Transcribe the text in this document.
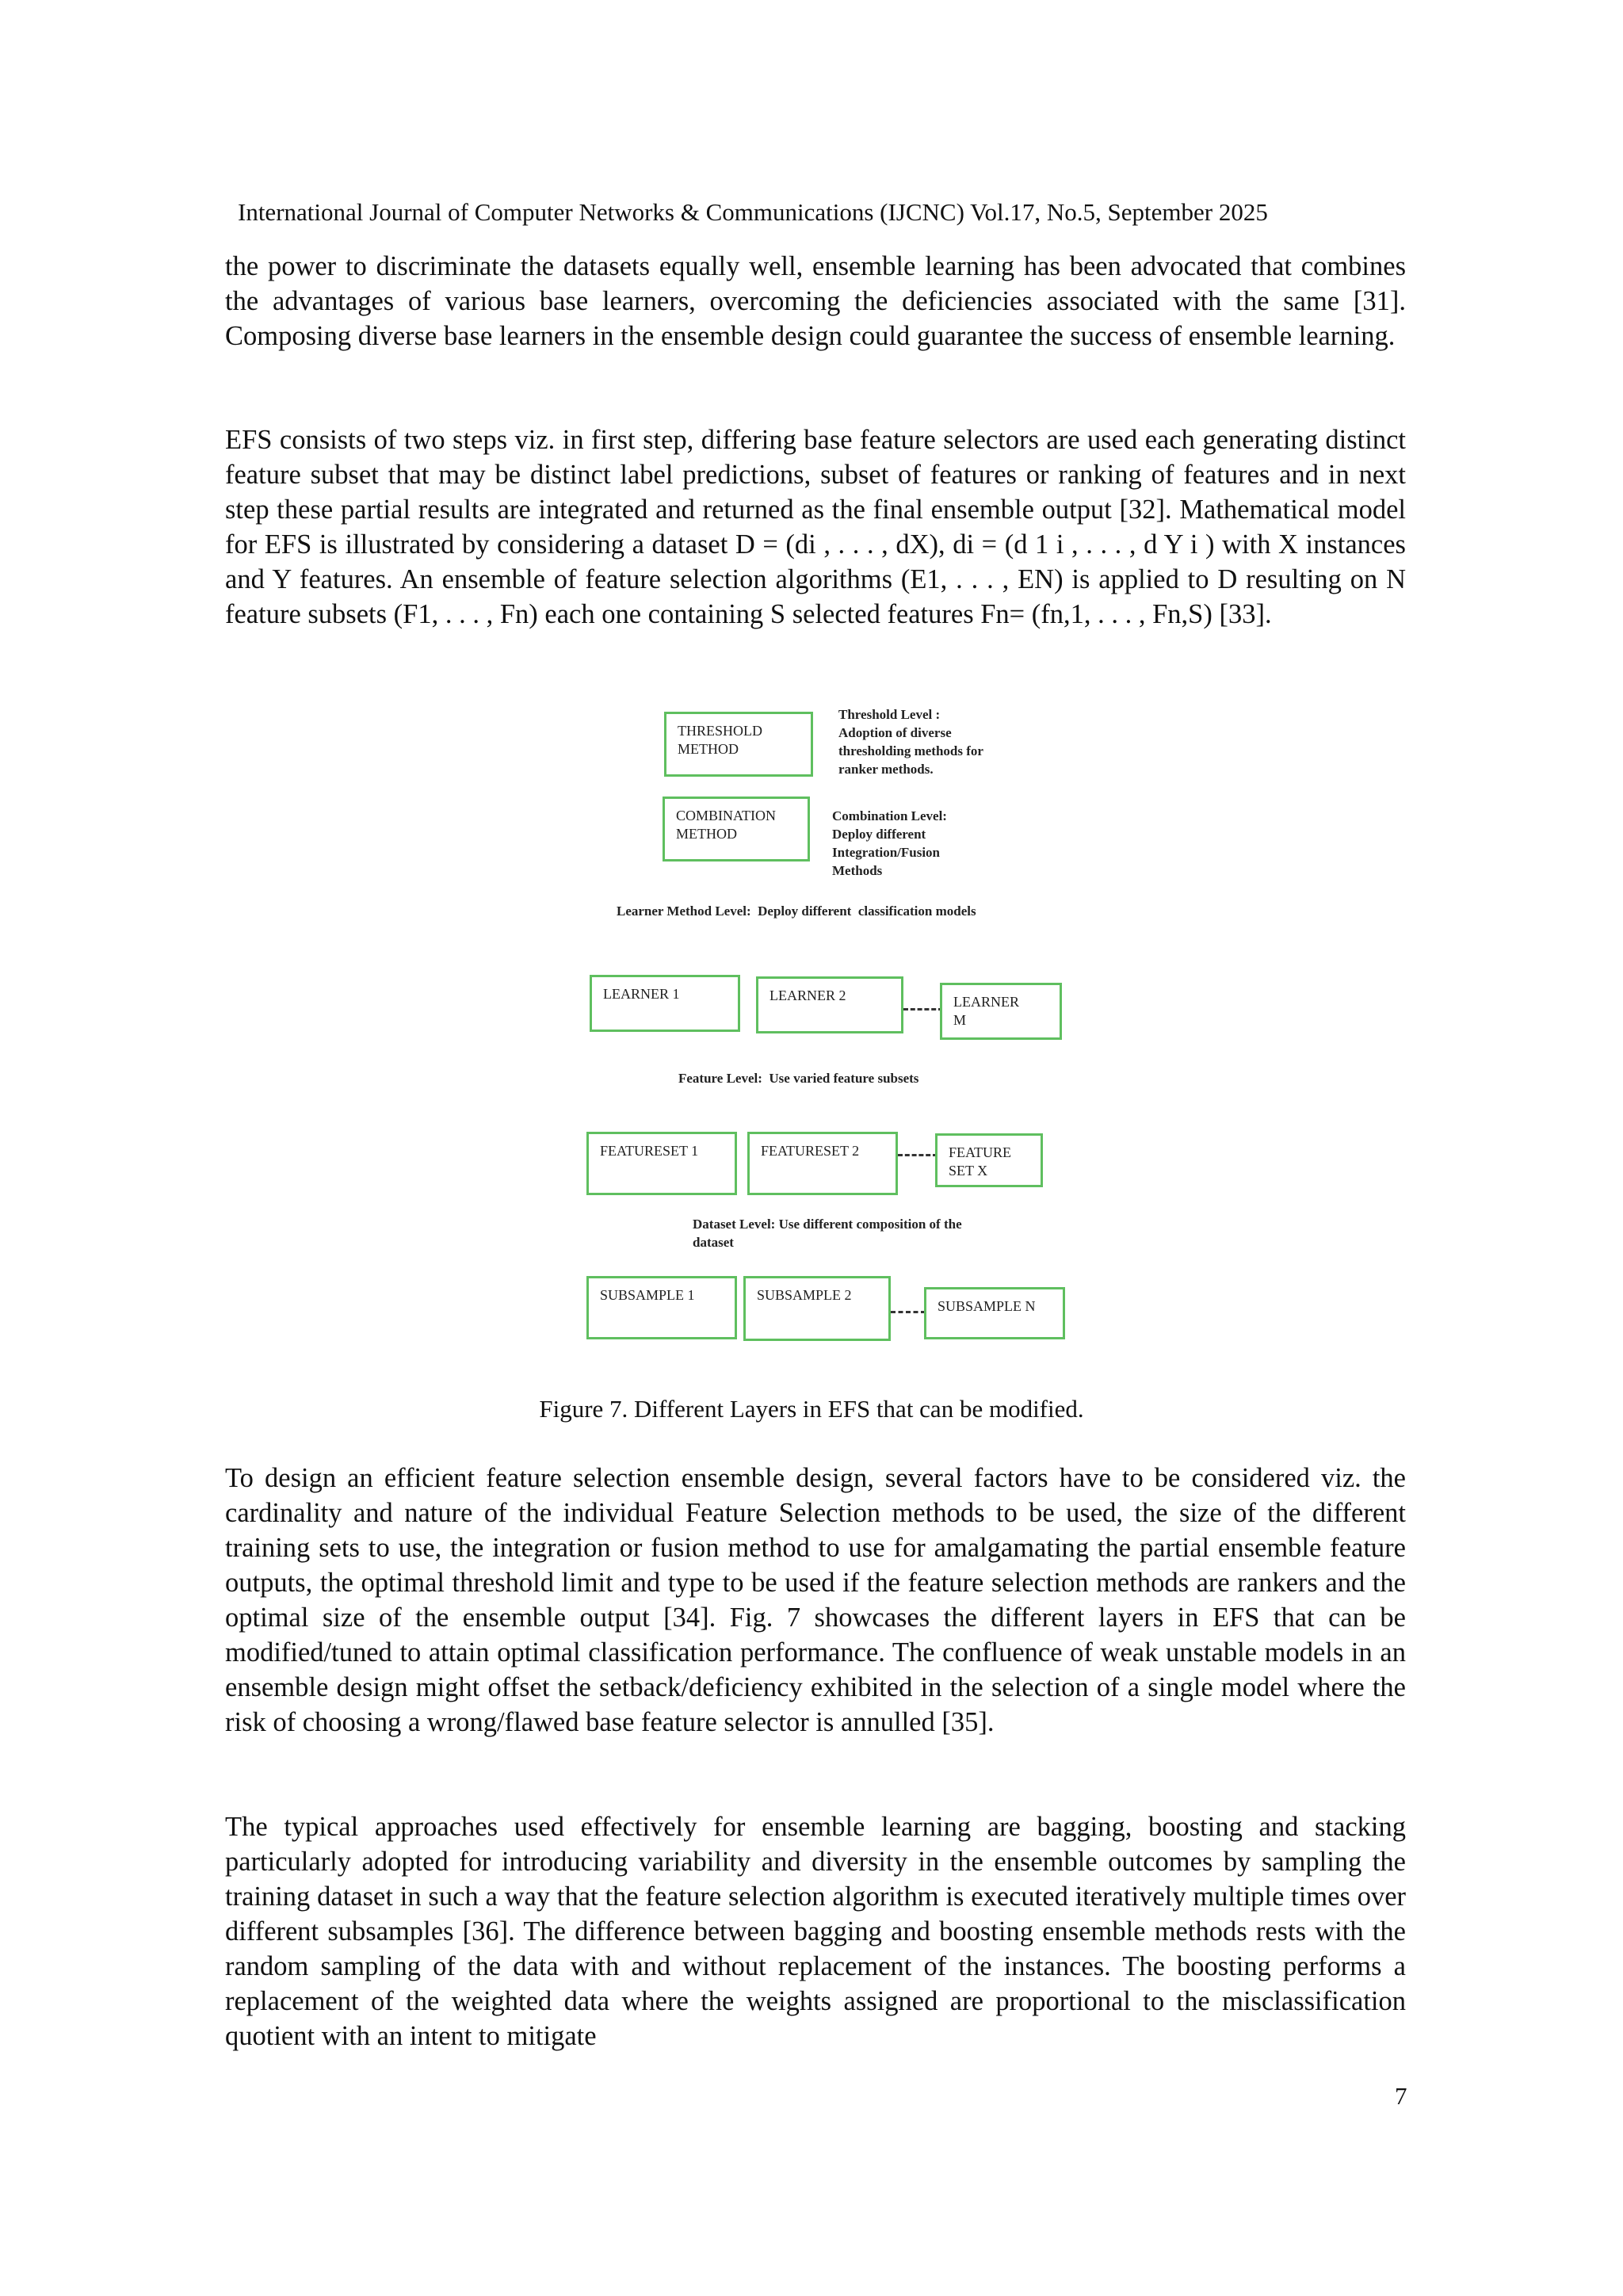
International Journal of Computer Networks & Communications (IJCNC) Vol.17, No.5, September 2025

the power to discriminate the datasets equally well, ensemble learning has been advocated that combines the advantages of various base learners, overcoming the deficiencies associated with the same [31]. Composing diverse base learners in the ensemble design could guarantee the success of ensemble learning.

EFS consists of two steps viz. in first step, differing base feature selectors are used each generating distinct feature subset that may be distinct label predictions, subset of features or ranking of features and in next step these partial results are integrated and returned as the final ensemble output [32]. Mathematical model for EFS is illustrated by considering a dataset D = (di , . . . , dX), di = (d 1 i , . . . , d Y i ) with X instances and Y features. An ensemble of feature selection algorithms (E1, . . . , EN) is applied to D resulting on N feature subsets (F1, . . . , Fn) each one containing S selected features Fn= (fn,1, . . . , Fn,S) [33].

THRESHOLD
METHOD
Threshold Level :
Adoption of diverse
thresholding methods for
ranker methods.
COMBINATION
METHOD
Combination Level:
Deploy different
Integration/Fusion
Methods
Learner Method Level:  Deploy different  classification models
LEARNER 1	LEARNER 2	LEARNER
M
Feature Level:  Use varied feature subsets
FEATURESET 1	FEATURESET 2	FEATURE
SET X
Dataset Level: Use different composition of the
dataset
SUBSAMPLE 1	SUBSAMPLE 2
SUBSAMPLE N
Figure 7. Different Layers in EFS that can be modified.

To design an efficient feature selection ensemble design, several factors have to be considered viz. the cardinality and nature of the individual Feature Selection methods to be used, the size of the different training sets to use, the integration or fusion method to use for amalgamating the partial ensemble feature outputs, the optimal threshold limit and type to be used if the feature selection methods are rankers and the optimal size of the ensemble output [34]. Fig. 7 showcases the different layers in EFS that can be modified/tuned to attain optimal classification performance. The confluence of weak unstable models in an ensemble design might offset the setback/deficiency exhibited in the selection of a single model where the risk of choosing a wrong/flawed base feature selector is annulled [35].

The typical approaches used effectively for ensemble learning are bagging, boosting and stacking particularly adopted for introducing variability and diversity in the ensemble outcomes by sampling the training dataset in such a way that the feature selection algorithm is executed iteratively multiple times over different subsamples [36]. The difference between bagging and boosting ensemble methods rests with the random sampling of the data with and without replacement of the instances. The boosting performs a replacement of the weighted data where the weights assigned are proportional to the misclassification quotient with an intent to mitigate

7
